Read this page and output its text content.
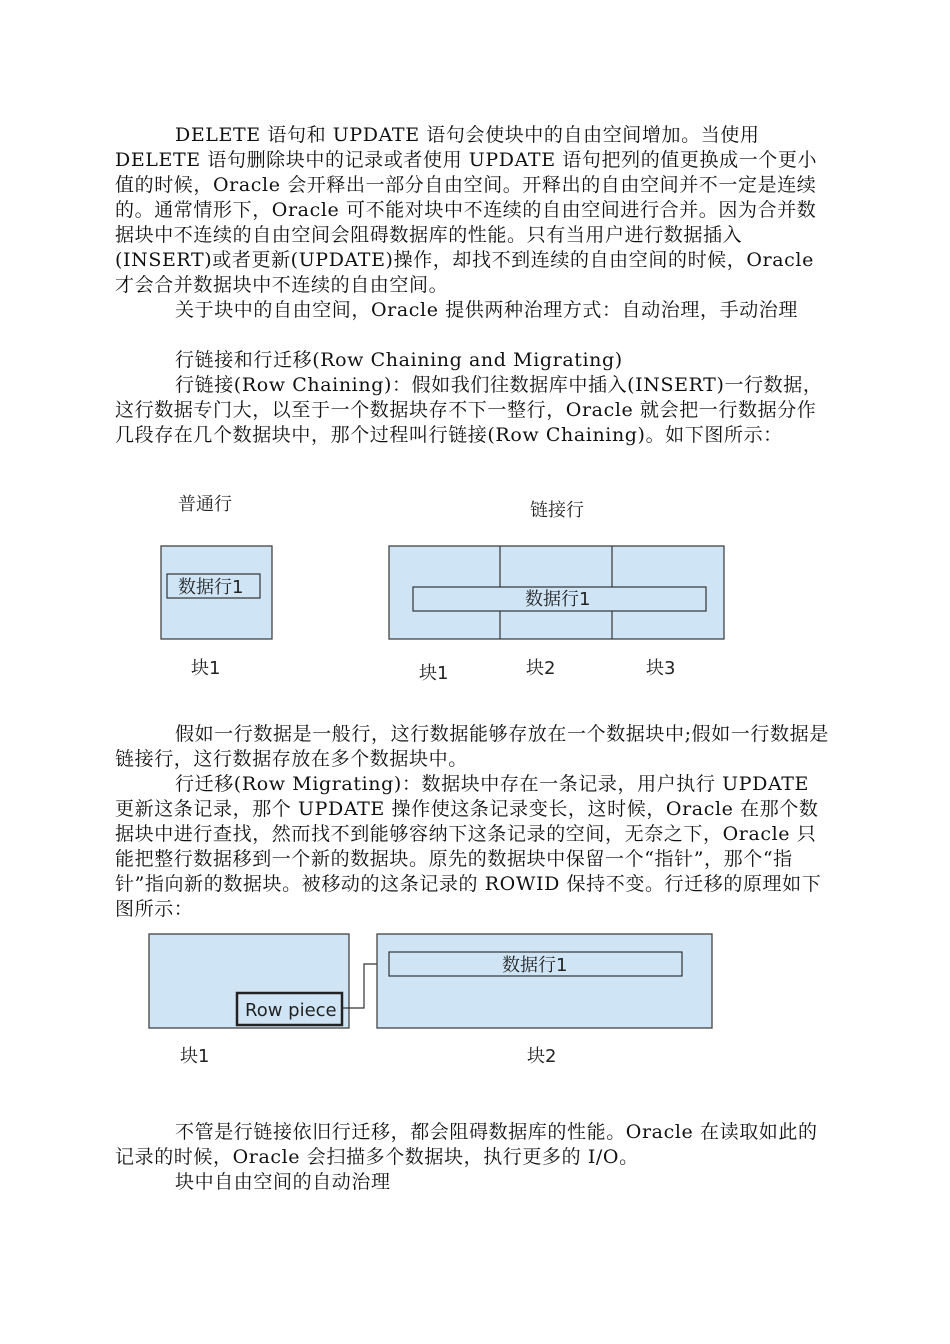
DELETE 语句和 UPDATE 语句会使块中的自由空间增加。当使用 DELETE 语句删除块中的记录或者使用 UPDATE 语句把列的值更换成一个更小值的时候，Oracle 会开释出一部分自由空间。开释出的自由空间并不一定是连续的。通常情形下，Oracle 可不能对块中不连续的自由空间进行合并。因为合并数据块中不连续的自由空间会阻碍数据库的性能。只有当用户进行数据插入(INSERT)或者更新(UPDATE)操作，却找不到连续的自由空间的时候，Oracle 才会合并数据块中不连续的自由空间。

关于块中的自由空间，Oracle 提供两种治理方式：自动治理，手动治理

行链接和行迁移(Row Chaining and Migrating)

行链接(Row Chaining)：假如我们往数据库中插入(INSERT)一行数据，这行数据专门大，以至于一个数据块存不下一整行，Oracle 就会把一行数据分作几段存在几个数据块中，那个过程叫行链接(Row Chaining)。如下图所示：

普通行	链接行
数据行1
数据行1
块1	块1	块2	块3

假如一行数据是一般行，这行数据能够存放在一个数据块中;假如一行数据是链接行，这行数据存放在多个数据块中。

行迁移(Row Migrating)：数据块中存在一条记录，用户执行 UPDATE 更新这条记录，那个 UPDATE 操作使这条记录变长，这时候，Oracle 在那个数据块中进行查找，然而找不到能够容纳下这条记录的空间，无奈之下，Oracle 只能把整行数据移到一个新的数据块。原先的数据块中保留一个“指针”，那个“指针”指向新的数据块。被移动的这条记录的 ROWID 保持不变。行迁移的原理如下图所示：

Row piece
数据行1
块1	块2

不管是行链接依旧行迁移，都会阻碍数据库的性能。Oracle 在读取如此的记录的时候，Oracle 会扫描多个数据块，执行更多的 I/O。

块中自由空间的自动治理
